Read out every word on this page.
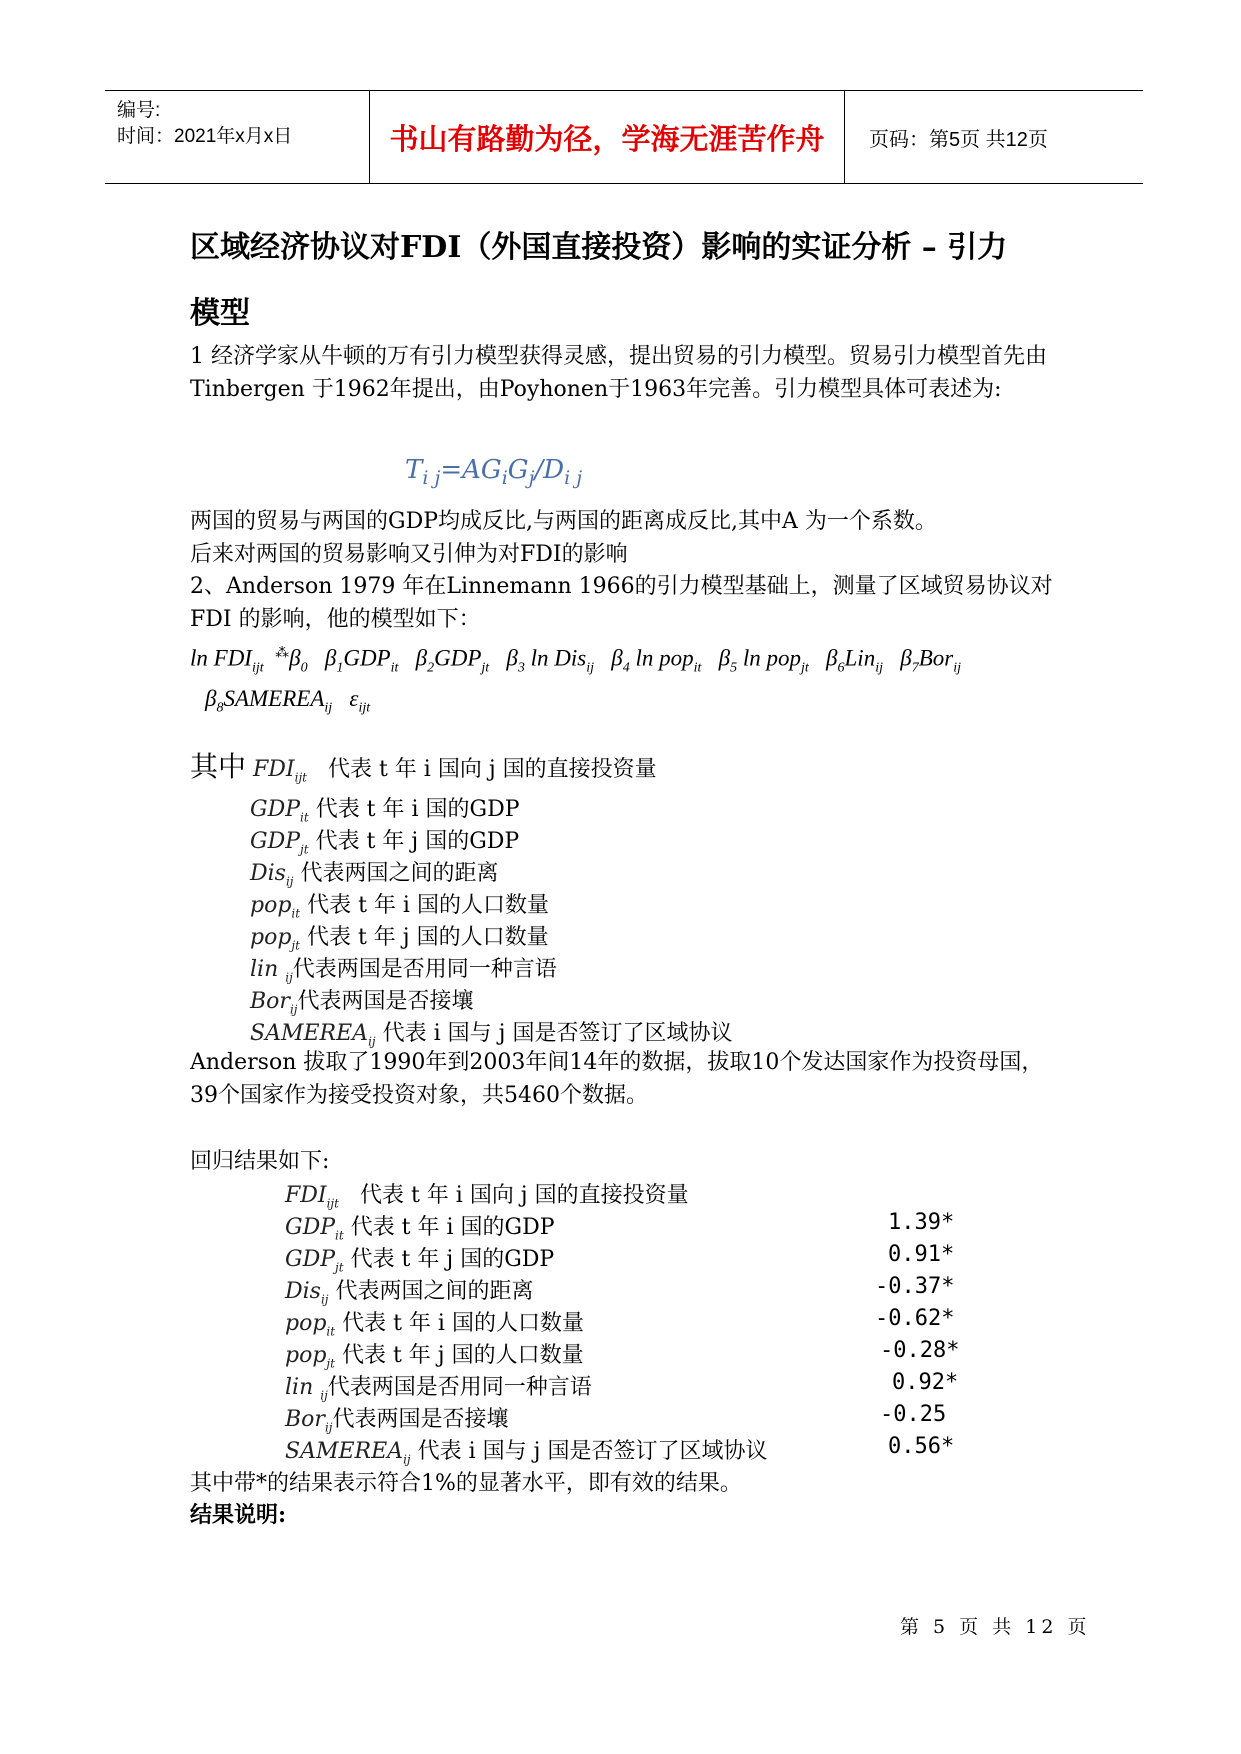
编号:
时间：2021年x月x日	书山有路勤为径，学海无涯苦作舟	页码：第5页 共12页
区域经济协议对FDI（外国直接投资）影响的实证分析 – 引力
模型
1 经济学家从牛顿的万有引力模型获得灵感，提出贸易的引力模型。贸易引力模型首先由 Tinbergen 于1962年提出，由Poyhonen于1963年完善。引力模型具体可表述为:
$T_{i j}=AG_iG_j/D_{i j}$
两国的贸易与两国的GDP均成反比,与两国的距离成反比,其中A 为一个系数。
后来对两国的贸易影响又引伸为对FDI的影响
2、Anderson 1979 年在Linnemann 1966的引力模型基础上，测量了区域贸易协议对FDI 的影响，他的模型如下：
$\ln FDI_{ijt}$  $^⁂\beta_0$   $\beta_1GDP_{it}$   $\beta_2GDP_{jt}$   $\beta_3$ ln Dis$_{ij}$   $\beta_4$ ln pop$_{it}$   $\beta_5$ ln pop$_{jt}$   $\beta_6Lin_{ij}$   $\beta_7Bor_{ij}$
$\beta_8SAMEREA_{ij}$   $\varepsilon_{ijt}$
其中 $FDI_{ijt}$ 代表 t 年 i 国向 j 国的直接投资量
$GDP_{it}$ 代表 t 年 i 国的GDP
$GDP_{jt}$ 代表 t 年 j 国的GDP
Dis$_{ij}$ 代表两国之间的距离
pop$_{it}$ 代表 t 年 i 国的人口数量
pop$_{jt}$ 代表 t 年 j 国的人口数量
lin $_{ij}$代表两国是否用同一种言语
Bor$_{ij}$代表两国是否接壤
$SAMEREA_{ij}$ 代表 i 国与 j 国是否签订了区域协议
Anderson 拔取了1990年到2003年间14年的数据，拔取10个发达国家作为投资母国，39个国家作为接受投资对象，共5460个数据。
回归结果如下:
$FDI_{ijt}$ 代表 t 年 i 国向 j 国的直接投资量
$GDP_{it}$ 代表 t 年 i 国的GDP	1.39*
$GDP_{jt}$ 代表 t 年 j 国的GDP	0.91*
Dis$_{ij}$ 代表两国之间的距离	-0.37*
pop$_{it}$ 代表 t 年 i 国的人口数量	-0.62*
pop$_{jt}$ 代表 t 年 j 国的人口数量	-0.28*
lin $_{ij}$代表两国是否用同一种言语	0.92*
Bor$_{ij}$代表两国是否接壤	-0.25
$SAMEREA_{ij}$ 代表 i 国与 j 国是否签订了区域协议	0.56*
其中带*的结果表示符合1%的显著水平，即有效的结果。
结果说明:
第 5 页 共 12 页
